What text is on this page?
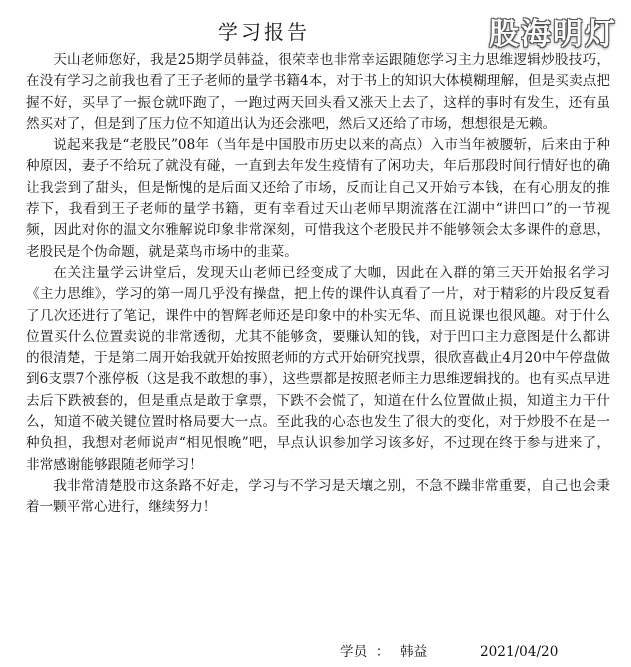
学习报告	股海明灯

天山老师您好，我是25期学员韩益，很荣幸也非常幸运跟随您学习主力思维逻辑炒股技巧，在没有学习之前我也看了王子老师的量学书籍4本，对于书上的知识大体模糊理解，但是买卖点把握不好，买早了一振仓就吓跑了，一跑过两天回头看又涨天上去了，这样的事时有发生，还有虽然买对了，但是到了压力位不知道出认为还会涨吧，然后又还给了市场，想想很是无赖。

说起来我是“老股民”08年（当年是中国股市历史以来的高点）入市当年被腰斩，后来由于种种原因，妻子不给玩了就没有碰，一直到去年发生疫情有了闲功夫，年后那段时间行情好也的确让我尝到了甜头，但是惭愧的是后面又还给了市场，反而让自己又开始亏本钱，在有心朋友的推荐下，我看到王子老师的量学书籍，更有幸看过天山老师早期流落在江湖中“讲凹口”的一节视频，因此对你的温文尔雅解说印象非常深刻，可惜我这个老股民并不能够领会太多课件的意思，老股民是个伪命题，就是菜鸟市场中的韭菜。

在关注量学云讲堂后，发现天山老师已经变成了大咖，因此在入群的第三天开始报名学习《主力思维》，学习的第一周几乎没有操盘，把上传的课件认真看了一片，对于精彩的片段反复看了几次还进行了笔记，课件中的智辉老师还是印象中的朴实无华、而且说课也很风趣。对于什么位置买什么位置卖说的非常透彻，尤其不能够贪，要赚认知的钱，对于凹口主力意图是什么都讲的很清楚，于是第二周开始我就开始按照老师的方式开始研究找票，很欣喜截止4月20中午停盘做到6支票7个涨停板（这是我不敢想的事），这些票都是按照老师主力思维逻辑找的。也有买点早进去后下跌被套的，但是重点是敢于拿票，下跌不会慌了，知道在什么位置做止损，知道主力干什么，知道不破关键位置时格局要大一点。至此我的心态也发生了很大的变化，对于炒股不在是一种负担，我想对老师说声“相见恨晚”吧，早点认识参加学习该多好，不过现在终于参与进来了，非常感谢能够跟随老师学习！

我非常清楚股市这条路不好走，学习与不学习是天壤之别，不急不躁非常重要，自己也会秉着一颗平常心进行，继续努力！

学员 ： 韩益	2021/04/20
